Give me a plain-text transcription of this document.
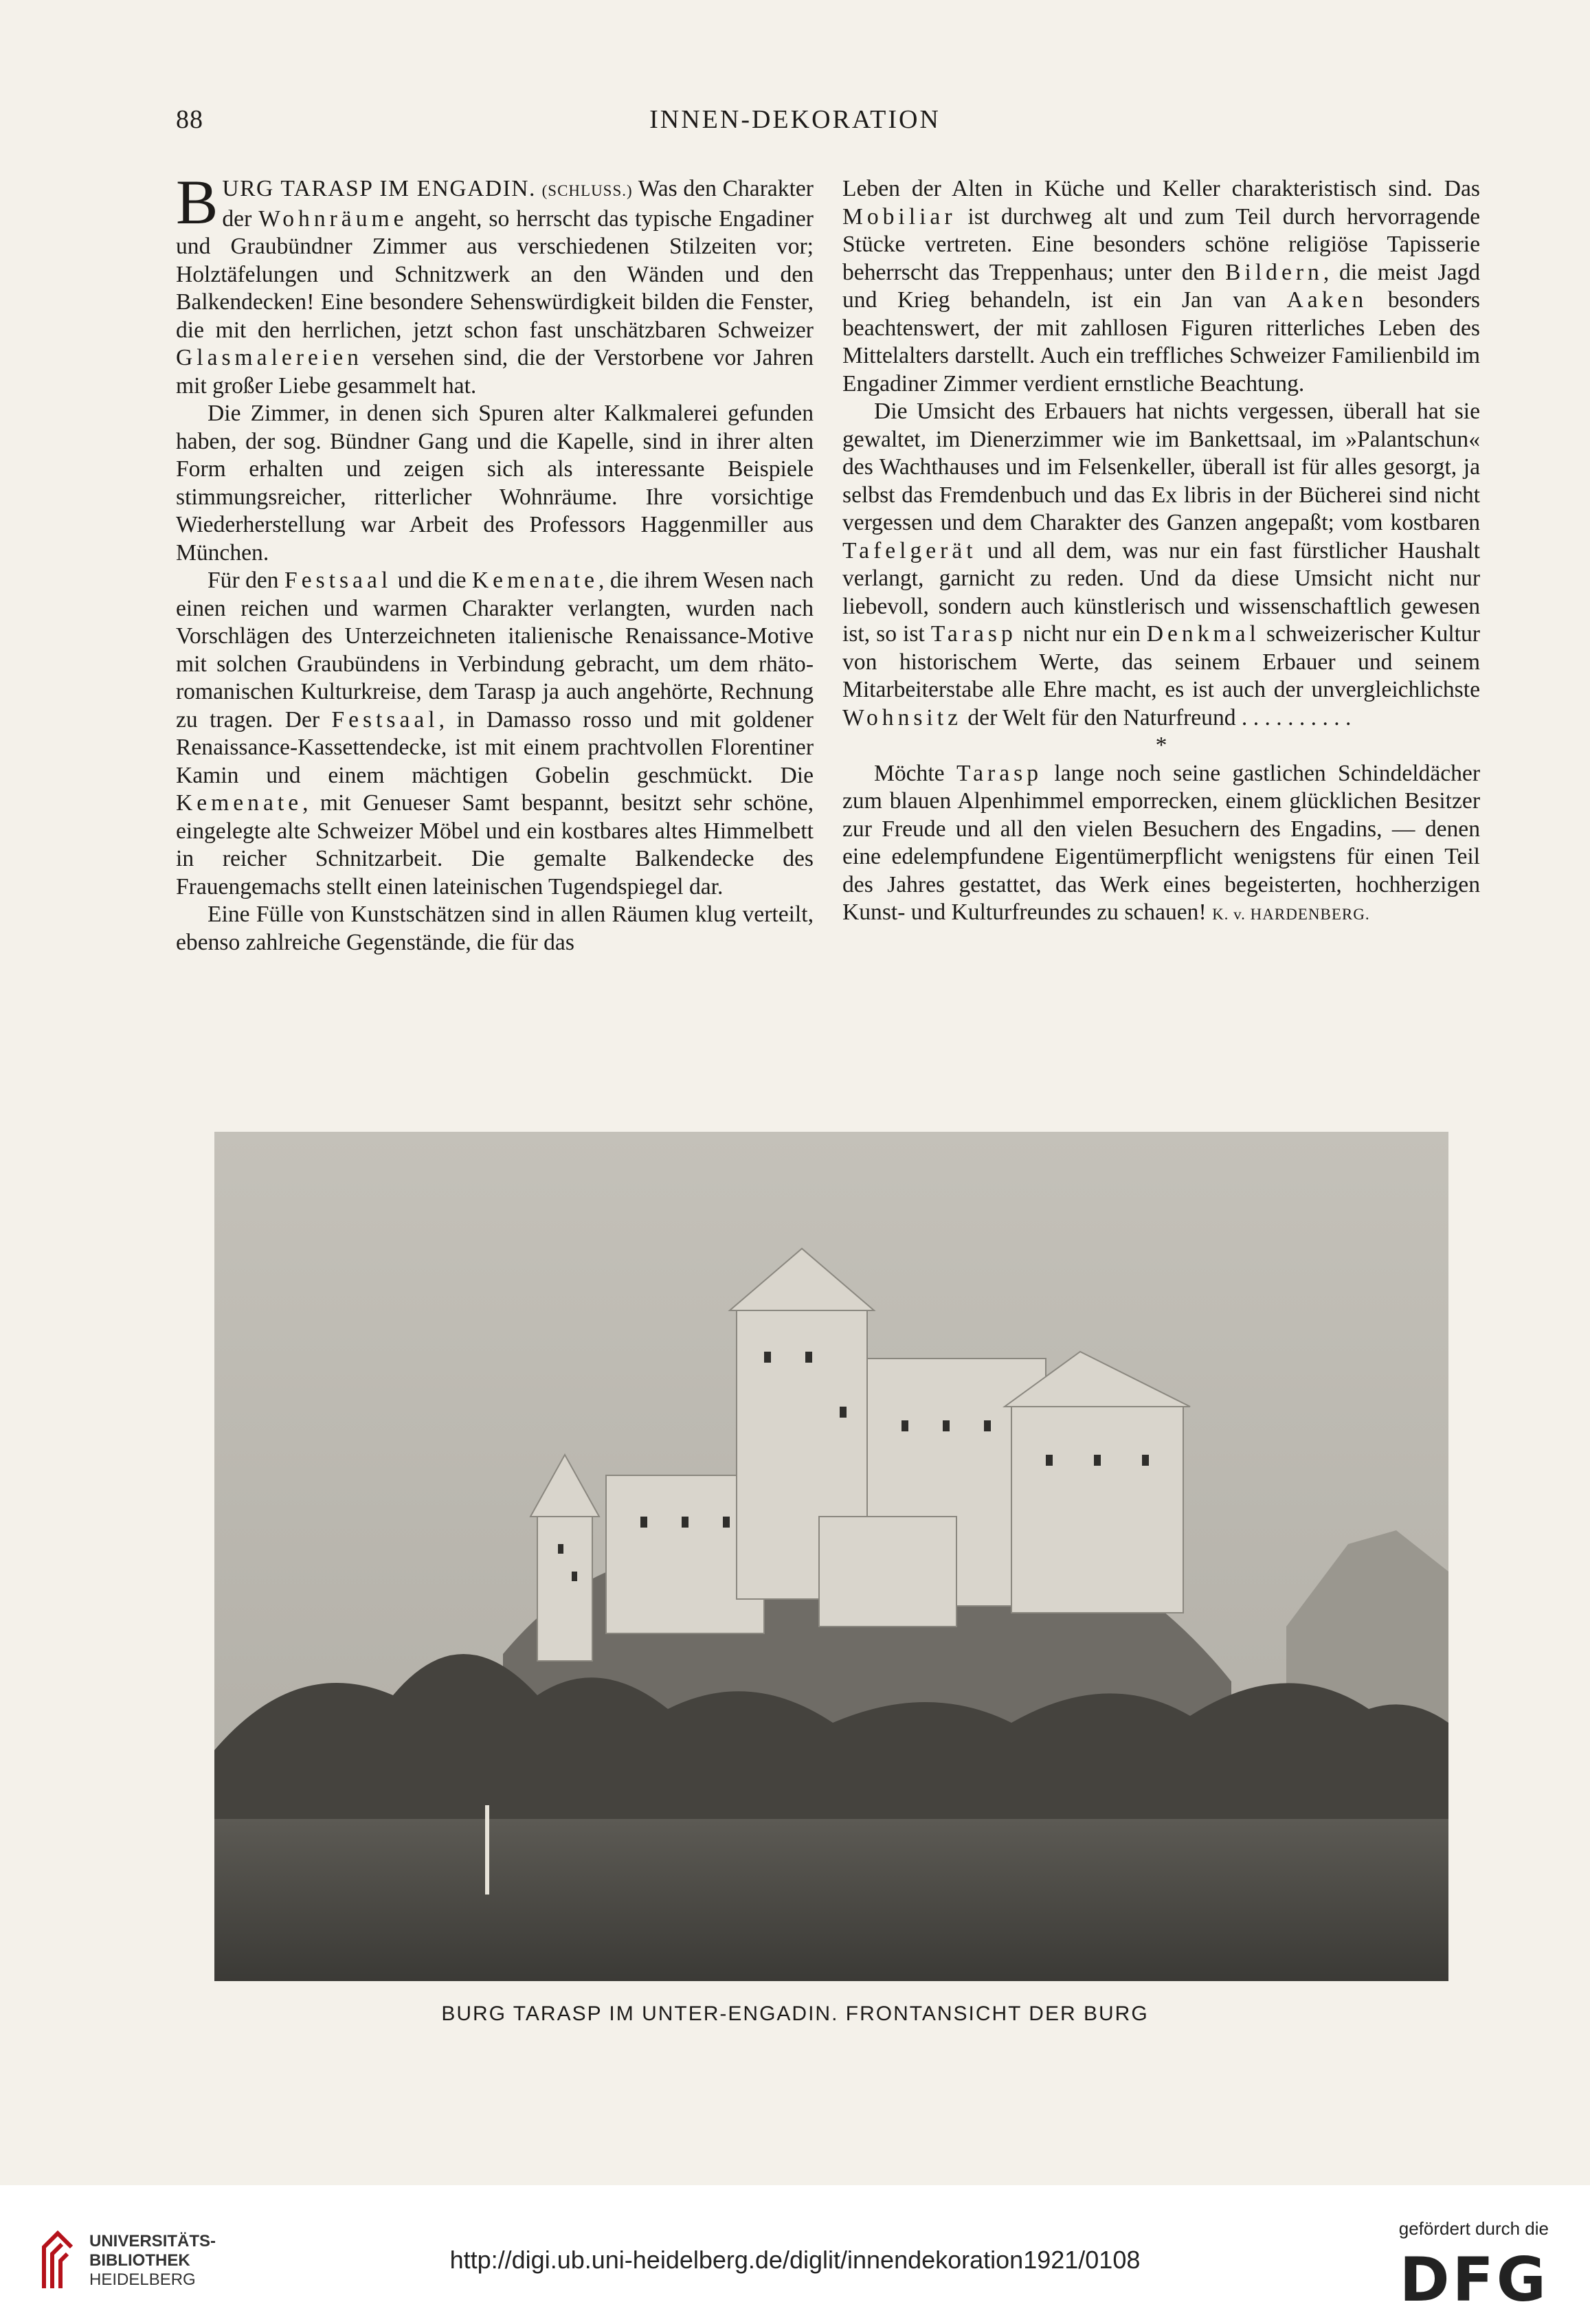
88	INNEN-DEKORATION

BURG TARASP IM ENGADIN. (SCHLUSS.) Was den Charakter der Wohnräume angeht, so herrscht das typische Engadiner und Graubündner Zimmer aus verschiedenen Stilzeiten vor; Holztäfelungen und Schnitzwerk an den Wänden und den Balkendecken! Eine besondere Sehenswürdigkeit bilden die Fenster, die mit den herrlichen, jetzt schon fast unschätzbaren Schweizer Glasmalereien versehen sind, die der Verstorbene vor Jahren mit großer Liebe gesammelt hat.

Die Zimmer, in denen sich Spuren alter Kalkmalerei gefunden haben, der sog. Bündner Gang und die Kapelle, sind in ihrer alten Form erhalten und zeigen sich als interessante Beispiele stimmungsreicher, ritterlicher Wohnräume. Ihre vorsichtige Wiederherstellung war Arbeit des Professors Haggenmiller aus München.

Für den Festsaal und die Kemenate, die ihrem Wesen nach einen reichen und warmen Charakter verlangten, wurden nach Vorschlägen des Unterzeichneten italienische Renaissance-Motive mit solchen Graubündens in Verbindung gebracht, um dem rhäto-romanischen Kulturkreise, dem Tarasp ja auch angehörte, Rechnung zu tragen. Der Festsaal, in Damasso rosso und mit goldener Renaissance-Kassettendecke, ist mit einem prachtvollen Florentiner Kamin und einem mächtigen Gobelin geschmückt. Die Kemenate, mit Genueser Samt bespannt, besitzt sehr schöne, eingelegte alte Schweizer Möbel und ein kostbares altes Himmelbett in reicher Schnitzarbeit. Die gemalte Balkendecke des Frauengemachs stellt einen lateinischen Tugendspiegel dar.

Eine Fülle von Kunstschätzen sind in allen Räumen klug verteilt, ebenso zahlreiche Gegenstände, die für das

Leben der Alten in Küche und Keller charakteristisch sind. Das Mobiliar ist durchweg alt und zum Teil durch hervorragende Stücke vertreten. Eine besonders schöne religiöse Tapisserie beherrscht das Treppenhaus; unter den Bildern, die meist Jagd und Krieg behandeln, ist ein Jan van Aaken besonders beachtenswert, der mit zahllosen Figuren ritterliches Leben des Mittelalters darstellt. Auch ein treffliches Schweizer Familienbild im Engadiner Zimmer verdient ernstliche Beachtung.

Die Umsicht des Erbauers hat nichts vergessen, überall hat sie gewaltet, im Dienerzimmer wie im Bankettsaal, im »Palantschun« des Wachthauses und im Felsenkeller, überall ist für alles gesorgt, ja selbst das Fremdenbuch und das Ex libris in der Bücherei sind nicht vergessen und dem Charakter des Ganzen angepaßt; vom kostbaren Tafelgerät und all dem, was nur ein fast fürstlicher Haushalt verlangt, garnicht zu reden. Und da diese Umsicht nicht nur liebevoll, sondern auch künstlerisch und wissenschaftlich gewesen ist, so ist Tarasp nicht nur ein Denkmal schweizerischer Kultur von historischem Werte, das seinem Erbauer und seinem Mitarbeiterstabe alle Ehre macht, es ist auch der unvergleichlichste Wohnsitz der Welt für den Naturfreund . . . . . . . . . .

*

Möchte Tarasp lange noch seine gastlichen Schindeldächer zum blauen Alpenhimmel emporrecken, einem glücklichen Besitzer zur Freude und all den vielen Besuchern des Engadins, — denen eine edelempfundene Eigentümerpflicht wenigstens für einen Teil des Jahres gestattet, das Werk eines begeisterten, hochherzigen Kunst- und Kulturfreundes zu schauen! K. v. HARDENBERG.

BURG TARASP IM UNTER-ENGADIN. FRONTANSICHT DER BURG
UNIVERSITÄTS-
BIBLIOTHEK
HEIDELBERG
http://digi.ub.uni-heidelberg.de/diglit/innendekoration1921/0108
gefördert durch die
DFG
